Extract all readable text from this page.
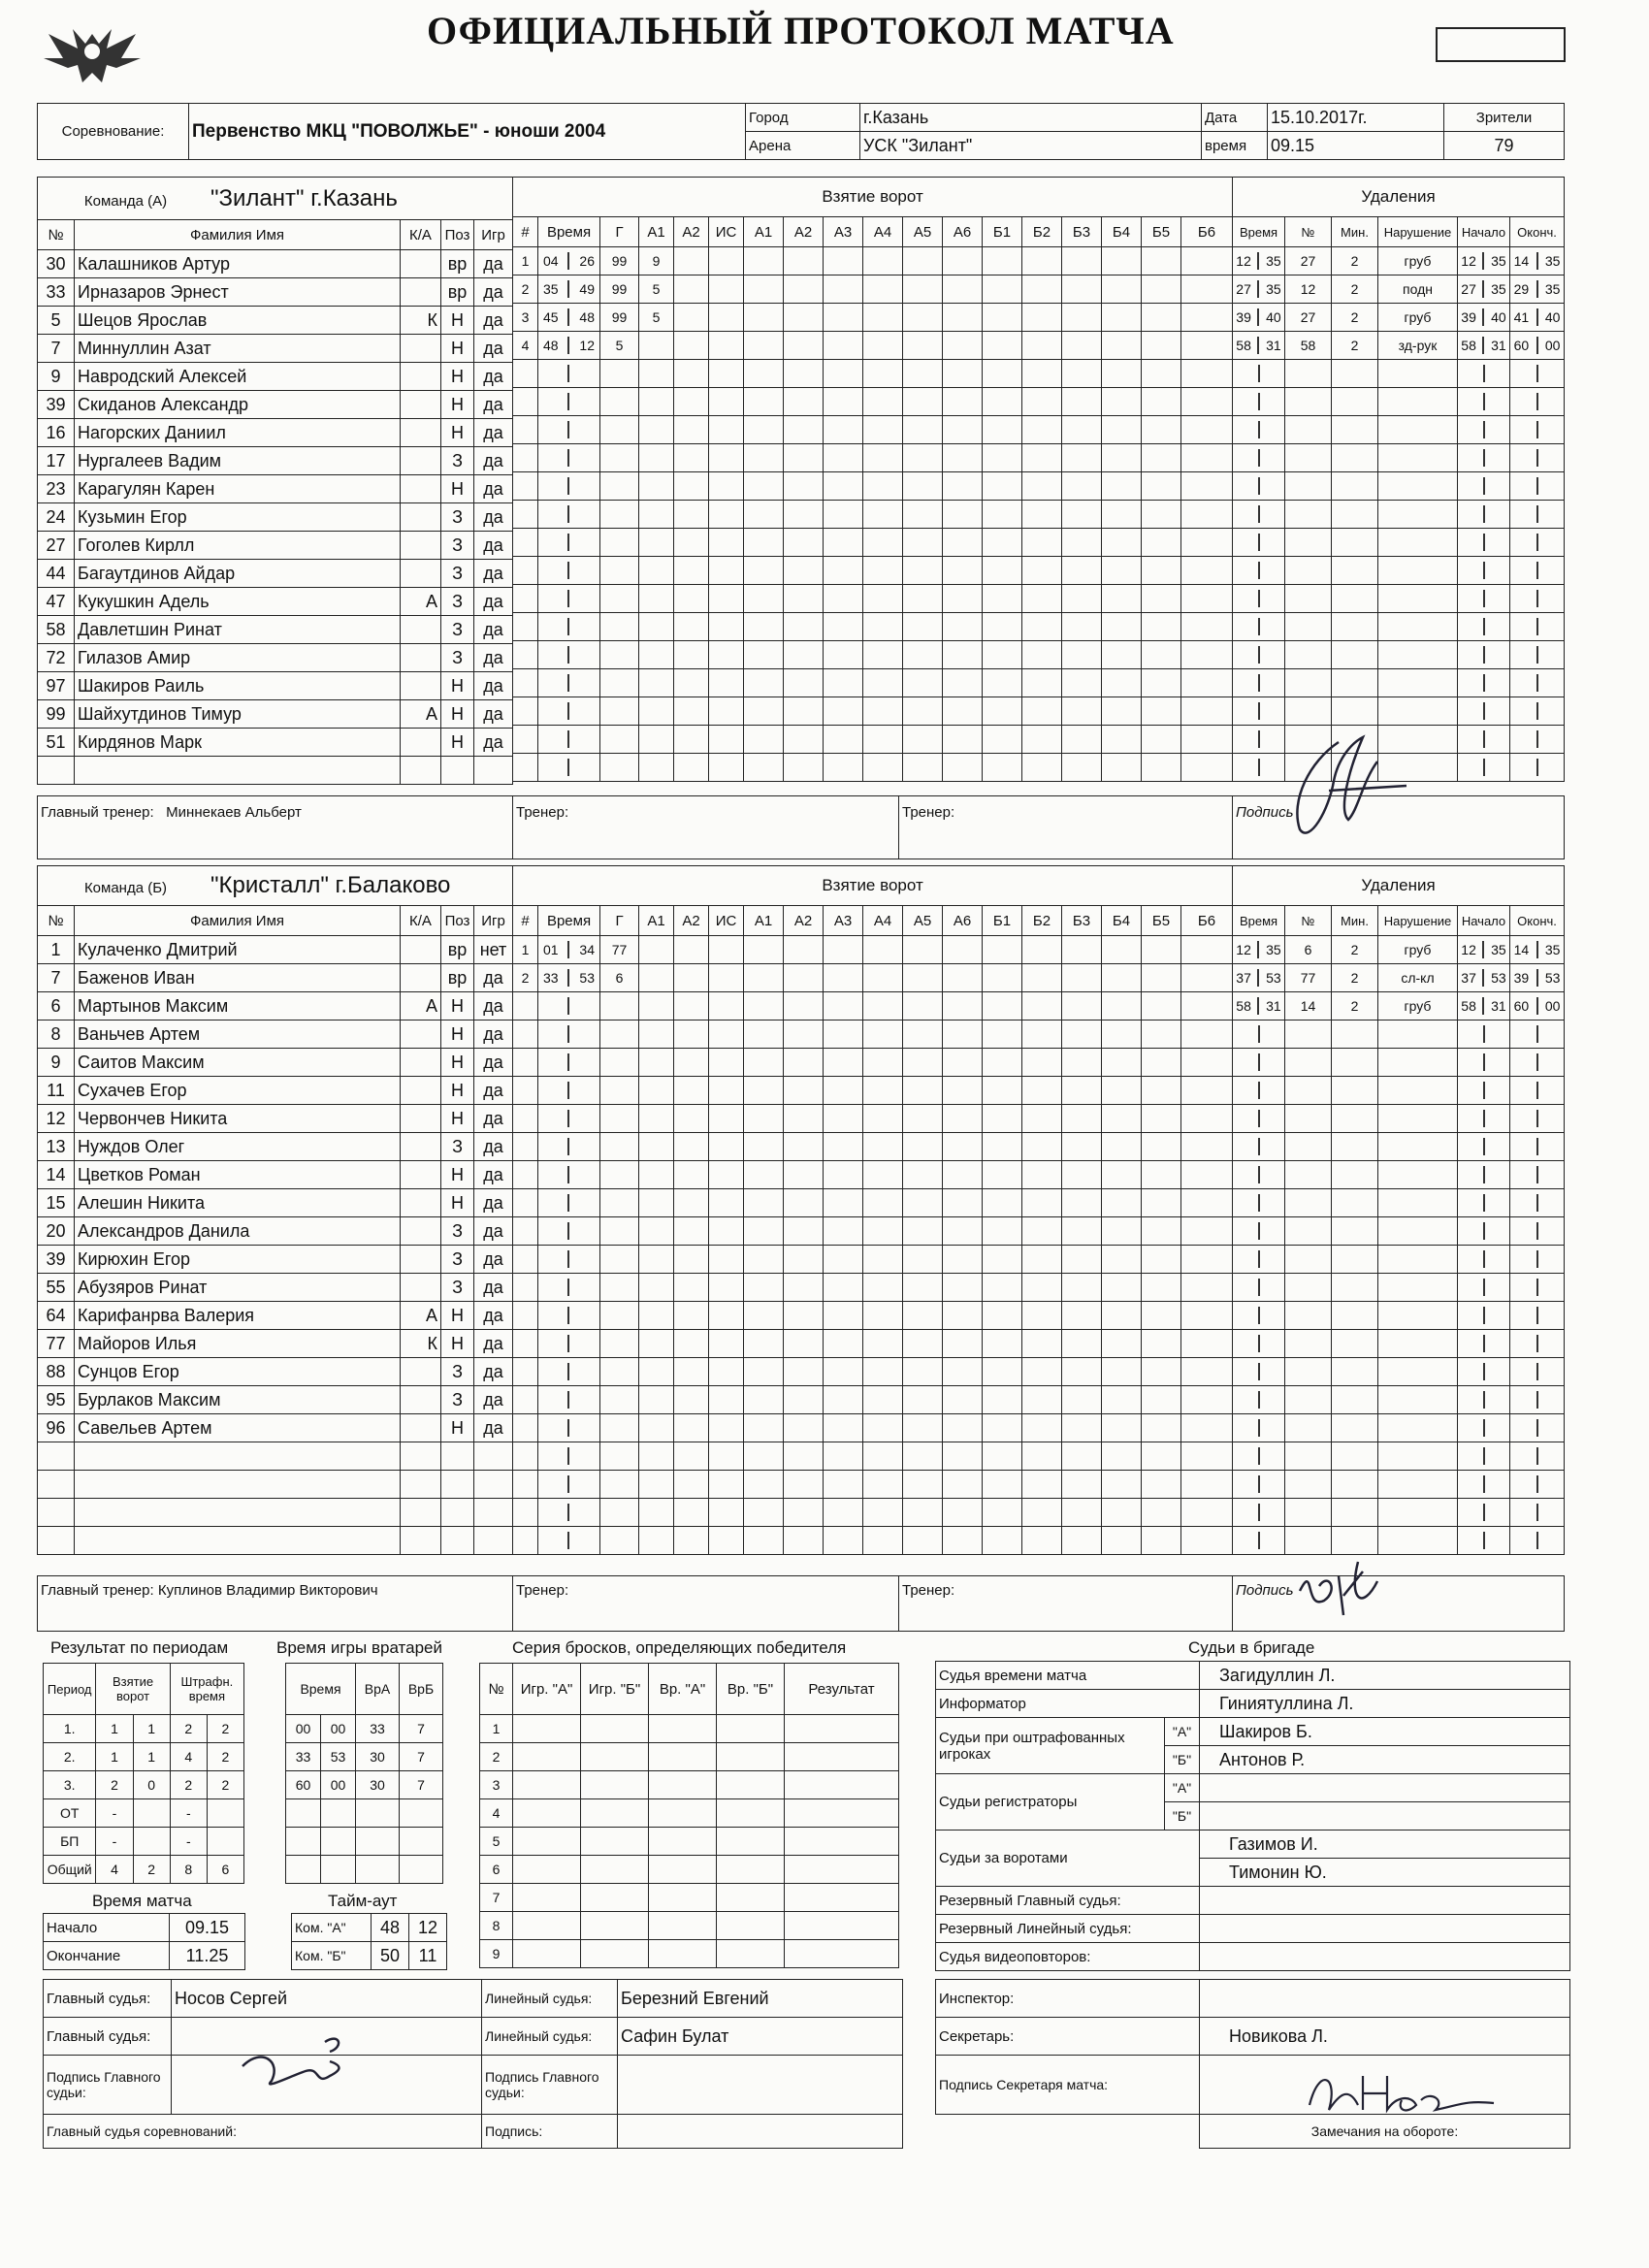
ОФИЦИАЛЬНЫЙ ПРОТОКОЛ МАТЧА
Соревнование:	Первенство МКЦ "ПОВОЛЖЬЕ" - юноши 2004	Город	г.Казань	Дата	15.10.2017г.	Зрители
		Арена	УСК "Зилант"	время	09.15	79
Команда (А) "Зилант" г.Казань				
№	Фамилия Имя	К/А	Поз	Игр
30	Калашников Артур		вр	да
33	Ирназаров Эрнест		вр	да
5	Шецов Ярослав	К	Н	да
7	Миннуллин Азат		Н	да
9	Навродский Алексей		Н	да
39	Скиданов Александр		Н	да
16	Нагорских Даниил		Н	да
17	Нургалеев Вадим		З	да
23	Карагулян Карен		Н	да
24	Кузьмин Егор		З	да
27	Гоголев Кирлл		З	да
44	Багаутдинов Айдар		З	да
47	Кукушкин Адель	А	З	да
58	Давлетшин Ринат		З	да
72	Гилазов Амир		З	да
97	Шакиров Раиль		Н	да
99	Шайхутдинов Тимур	А	Н	да
51	Кирдянов Марк		Н	да

Взятие ворот																	
#	Время	Г	А1	А2	ИС	А1	А2	А3	А4	А5	А6	Б1	Б2	Б3	Б4	Б5	Б6
1	04 26	99	9														
2	35 49	99	5														
3	45 48	99	5														
4	48 12	5															

Удаления					
Время	№	Мин.	Нарушение	Начало	Оконч.

12 35	27	2	груб	12 35	14 35

27 35	12	2	подн	27 35	29 35

39 40	27	2	груб	39 40	41 40

58 31	58	2	зд-рук	58 31	60 00

Главный тренер: Миннекаев Альберт	Тренер:	Тренер:	Подпись
Команда (Б) "Кристалл" г.Балаково				
№	Фамилия Имя	К/А	Поз	Игр
1	Кулаченко Дмитрий		вр	нет
7	Баженов Иван		вр	да
6	Мартынов Максим	А	Н	да
8	Ваньчев Артем		Н	да
9	Саитов Максим		Н	да
11	Сухачев Егор		Н	да
12	Червончев Никита		Н	да
13	Нуждов Олег		З	да
14	Цветков Роман		Н	да
15	Алешин Никита		Н	да
20	Александров Данила		З	да
39	Кирюхин Егор		З	да
55	Абузяров Ринат		З	да
64	Карифанрва Валерия	А	Н	да
77	Майоров Илья	К	Н	да
88	Сунцов Егор		З	да
95	Бурлаков Максим		З	да
96	Савельев Артем		Н	да

Взятие ворот																	
#	Время	Г	А1	А2	ИС	А1	А2	А3	А4	А5	А6	Б1	Б2	Б3	Б4	Б5	Б6
1	01 34	77															
2	33 53	6															

Удаления					
Время	№	Мин.	Нарушение	Начало	Оконч.

12 35	6	2	груб	12 35	14 35

37 53	77	2	сл-кл	37 53	39 53

58 31	14	2	груб	58 31	60 00

Главный тренер: Куплинов Владимир Викторович	Тренер:	Тренер:	Подпись
Результат по периодам	Время игры вратарей	Серия бросков, определяющих победителя	Судьи в бригаде
Период	Взятие ворот		Штрафн. время	
1.	1	1	2	2
2.	1	1	4	2
3.	2	0	2	2
ОТ	-		-	
БП	-		-	
Общий	4	2	8	6
Время		ВрА	ВрБ
00	00	33	7
33	53	30	7
60	00	30	7

№	Игр. "А"	Игр. "Б"	Вр. "А"	Вр. "Б"	Результат
1					
2					
3					
4					
5					
6					
7					
8					
9					
Время матча
Начало	09.15
Окончание	11.25
Тайм-аут
Ком. "А"	48	12
Ком. "Б"	50	11
Судья времени матча		Загидуллин Л.
Информатор		Гиниятуллина Л.
Судьи при оштрафованных игроках	"А"	Шакиров Б.
	"Б"	Антонов Р.
Судьи регистраторы	"А"	
	"Б"	
Судьи за воротами		Газимов И.
		Тимонин Ю.
Резервный Главный судья:		
Резервный Линейный судья:		
Судья видеоповторов:		
Главный судья:	Носов Сергей	Линейный судья:	Березний Евгений
Главный судья:		Линейный судья:	Сафин Булат
Подпись Главного судьи:		Подпись Главного судьи:	
Главный судья соревнований:		Подпись:	
Инспектор:	
Секретарь:	Новикова Л.
Подпись Секретаря матча:	
	Замечания на обороте:
